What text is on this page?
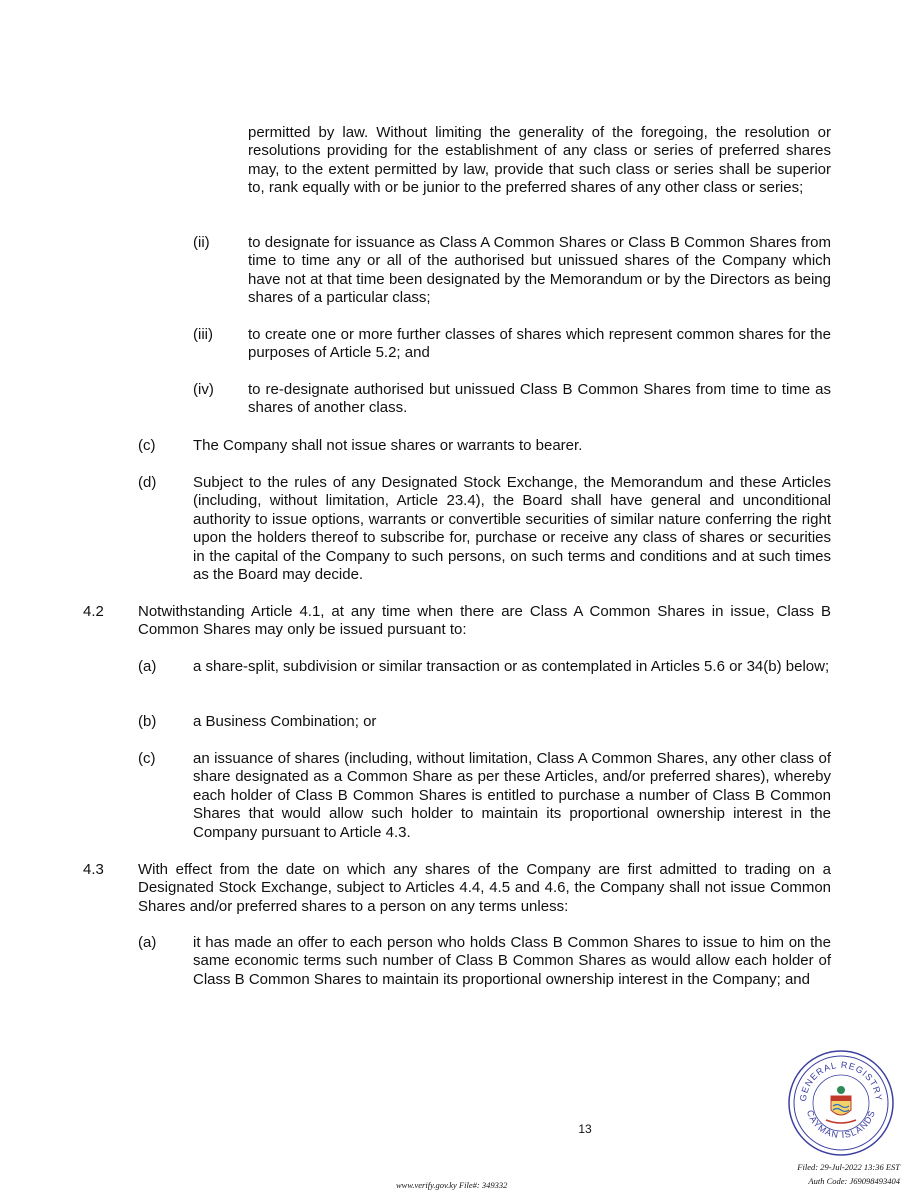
permitted by law. Without limiting the generality of the foregoing, the resolution or resolutions providing for the establishment of any class or series of preferred shares may, to the extent permitted by law, provide that such class or series shall be superior to, rank equally with or be junior to the preferred shares of any other class or series;
(ii)	to designate for issuance as Class A Common Shares or Class B Common Shares from time to time any or all of the authorised but unissued shares of the Company which have not at that time been designated by the Memorandum or by the Directors as being shares of a particular class;
(iii) to create one or more further classes of shares which represent common shares for the purposes of Article 5.2; and
(iv) to re-designate authorised but unissued Class B Common Shares from time to time as shares of another class.
(c)	The Company shall not issue shares or warrants to bearer.
(d) Subject to the rules of any Designated Stock Exchange, the Memorandum and these Articles (including, without limitation, Article 23.4), the Board shall have general and unconditional authority to issue options, warrants or convertible securities of similar nature conferring the right upon the holders thereof to subscribe for, purchase or receive any class of shares or securities in the capital of the Company to such persons, on such terms and conditions and at such times as the Board may decide.
4.2 Notwithstanding Article 4.1, at any time when there are Class A Common Shares in issue, Class B Common Shares may only be issued pursuant to:
(a) a share-split, subdivision or similar transaction or as contemplated in Articles 5.6 or 34(b) below;
(b) a Business Combination; or
(c)	an issuance of shares (including, without limitation, Class A Common Shares, any other class of share designated as a Common Share as per these Articles, and/or preferred shares), whereby each holder of Class B Common Shares is entitled to purchase a number of Class B Common Shares that would allow such holder to maintain its proportional ownership interest in the Company pursuant to Article 4.3.
4.3 With effect from the date on which any shares of the Company are first admitted to trading on a Designated Stock Exchange, subject to Articles 4.4, 4.5 and 4.6, the Company shall not issue Common Shares and/or preferred shares to a person on any terms unless:
(a) it has made an offer to each person who holds Class B Common Shares to issue to him on the same economic terms such number of Class B Common Shares as would allow each holder of Class B Common Shares to maintain its proportional ownership interest in the Company; and
13
GENERAL REGISTRY
CAYMAN ISLANDS
www.verify.gov.ky File#: 349332
Filed: 29-Jul-2022 13:36 EST
Auth Code: J69098493404
